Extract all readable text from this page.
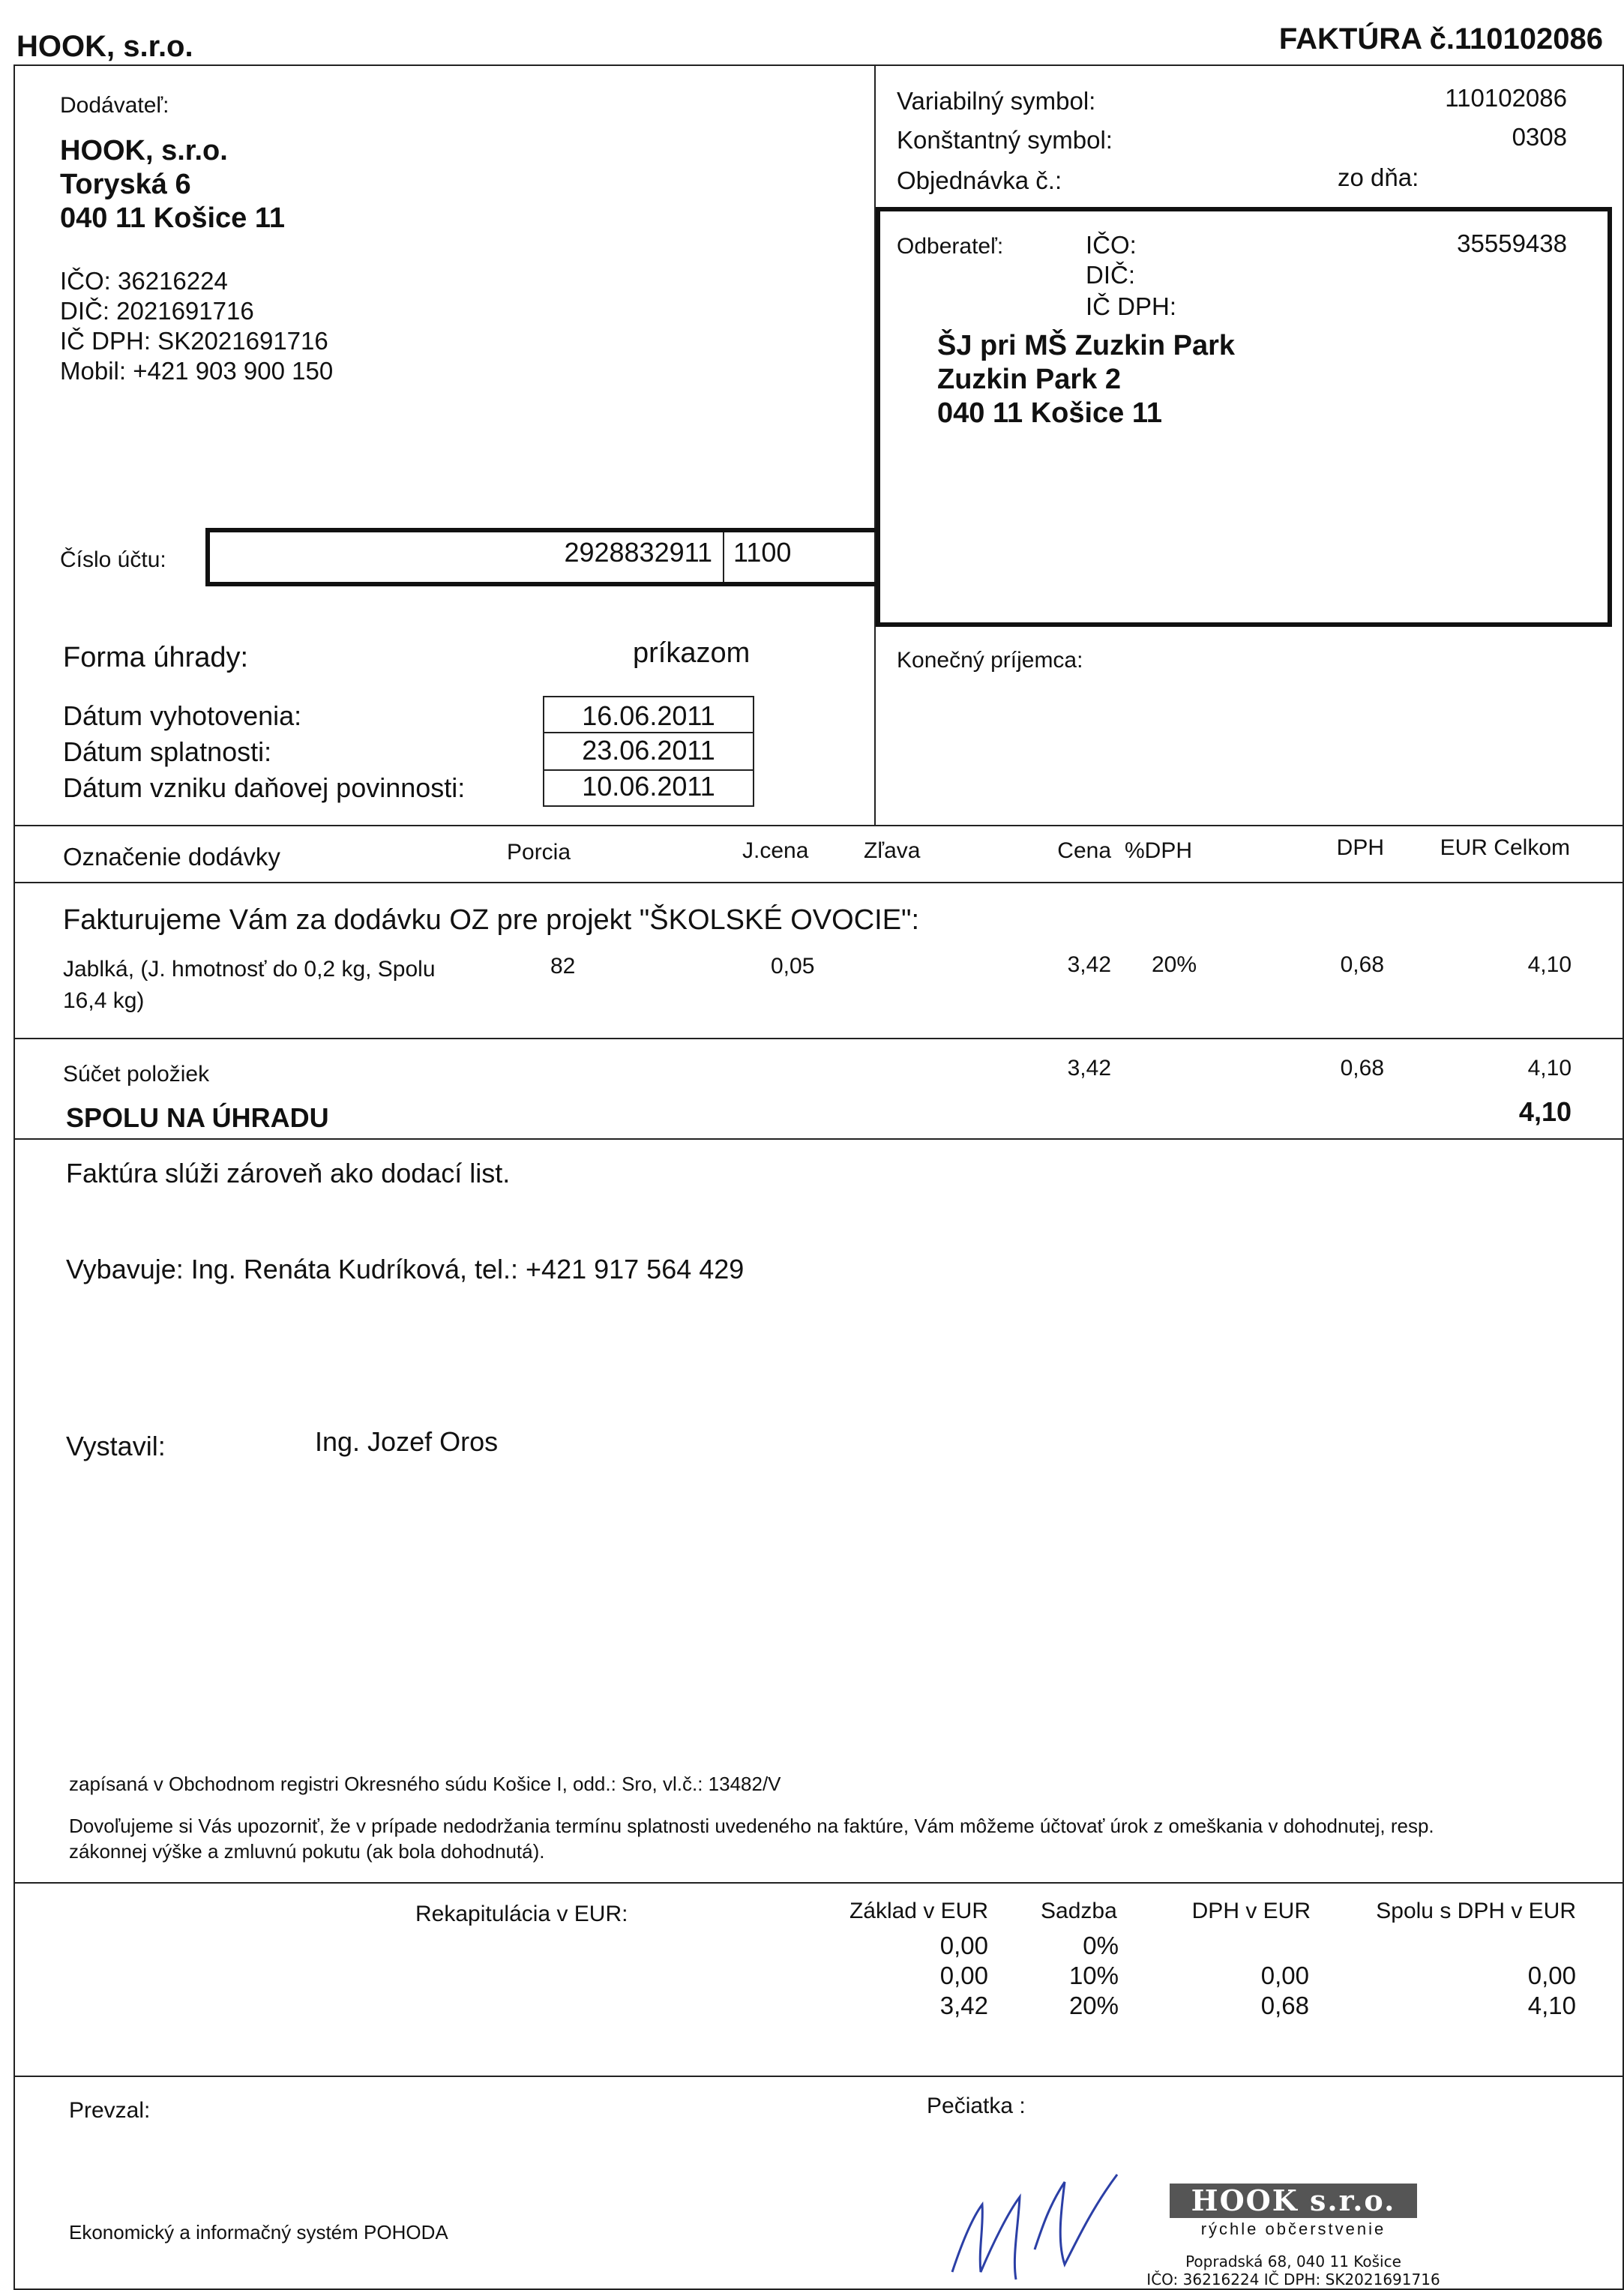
HOOK, s.r.o.	FAKTÚRA č.110102086
Dodávateľ:
HOOK, s.r.o.
Toryská 6
040 11 Košice 11
IČO: 36216224
DIČ: 2021691716
IČ DPH: SK2021691716
Mobil: +421 903 900 150
Variabilný symbol:	110102086
Konštantný symbol:	0308
Objednávka č.:	zo dňa:
Odberateľ:	IČO:	35559438
DIČ:
IČ DPH:
ŠJ pri MŠ Zuzkin Park
Zuzkin Park 2
040 11 Košice 11
Číslo účtu:	2928832911 1100
Forma úhrady:	príkazom
Dátum vyhotovenia:	16.06.2011
Dátum splatnosti:	23.06.2011
Dátum vzniku daňovej povinnosti:	10.06.2011
Konečný príjemca:
Označenie dodávky	Porcia	J.cena Zľava	Cena %DPH	DPH EUR Celkom
Fakturujeme Vám za dodávku OZ pre projekt "ŠKOLSKÉ OVOCIE":
Jablká, (J. hmotnosť do 0,2 kg, Spolu
16,4 kg)
82	0,05	3,42 20%	0,68	4,10
Súčet položiek	3,42	0,68	4,10
SPOLU NA ÚHRADU	4,10
Faktúra slúži zároveň ako dodací list.
Vybavuje: Ing. Renáta Kudríková, tel.: +421 917 564 429
Vystavil:	Ing. Jozef Oros
zapísaná v Obchodnom registri Okresného súdu Košice I, odd.: Sro, vl.č.: 13482/V
Dovoľujeme si Vás upozorniť, že v prípade nedodržania termínu splatnosti uvedeného na faktúre, Vám môžeme účtovať úrok z omeškania v dohodnutej, resp.
zákonnej výške a zmluvnú pokutu (ak bola dohodnutá).
Rekapitulácia v EUR:	Základ v EUR Sadzba	DPH v EUR	Spolu s DPH v EUR
0,00	0%
0,00	10%	0,00	0,00
3,42	20%	0,68	4,10
Prevzal:	Pečiatka :
Ekonomický a informačný systém POHODA
HOOK s.r.o.
rýchle občerstvenie
Popradská 68, 040 11 Košice
IČO: 36216224 IČ DPH: SK2021691716
